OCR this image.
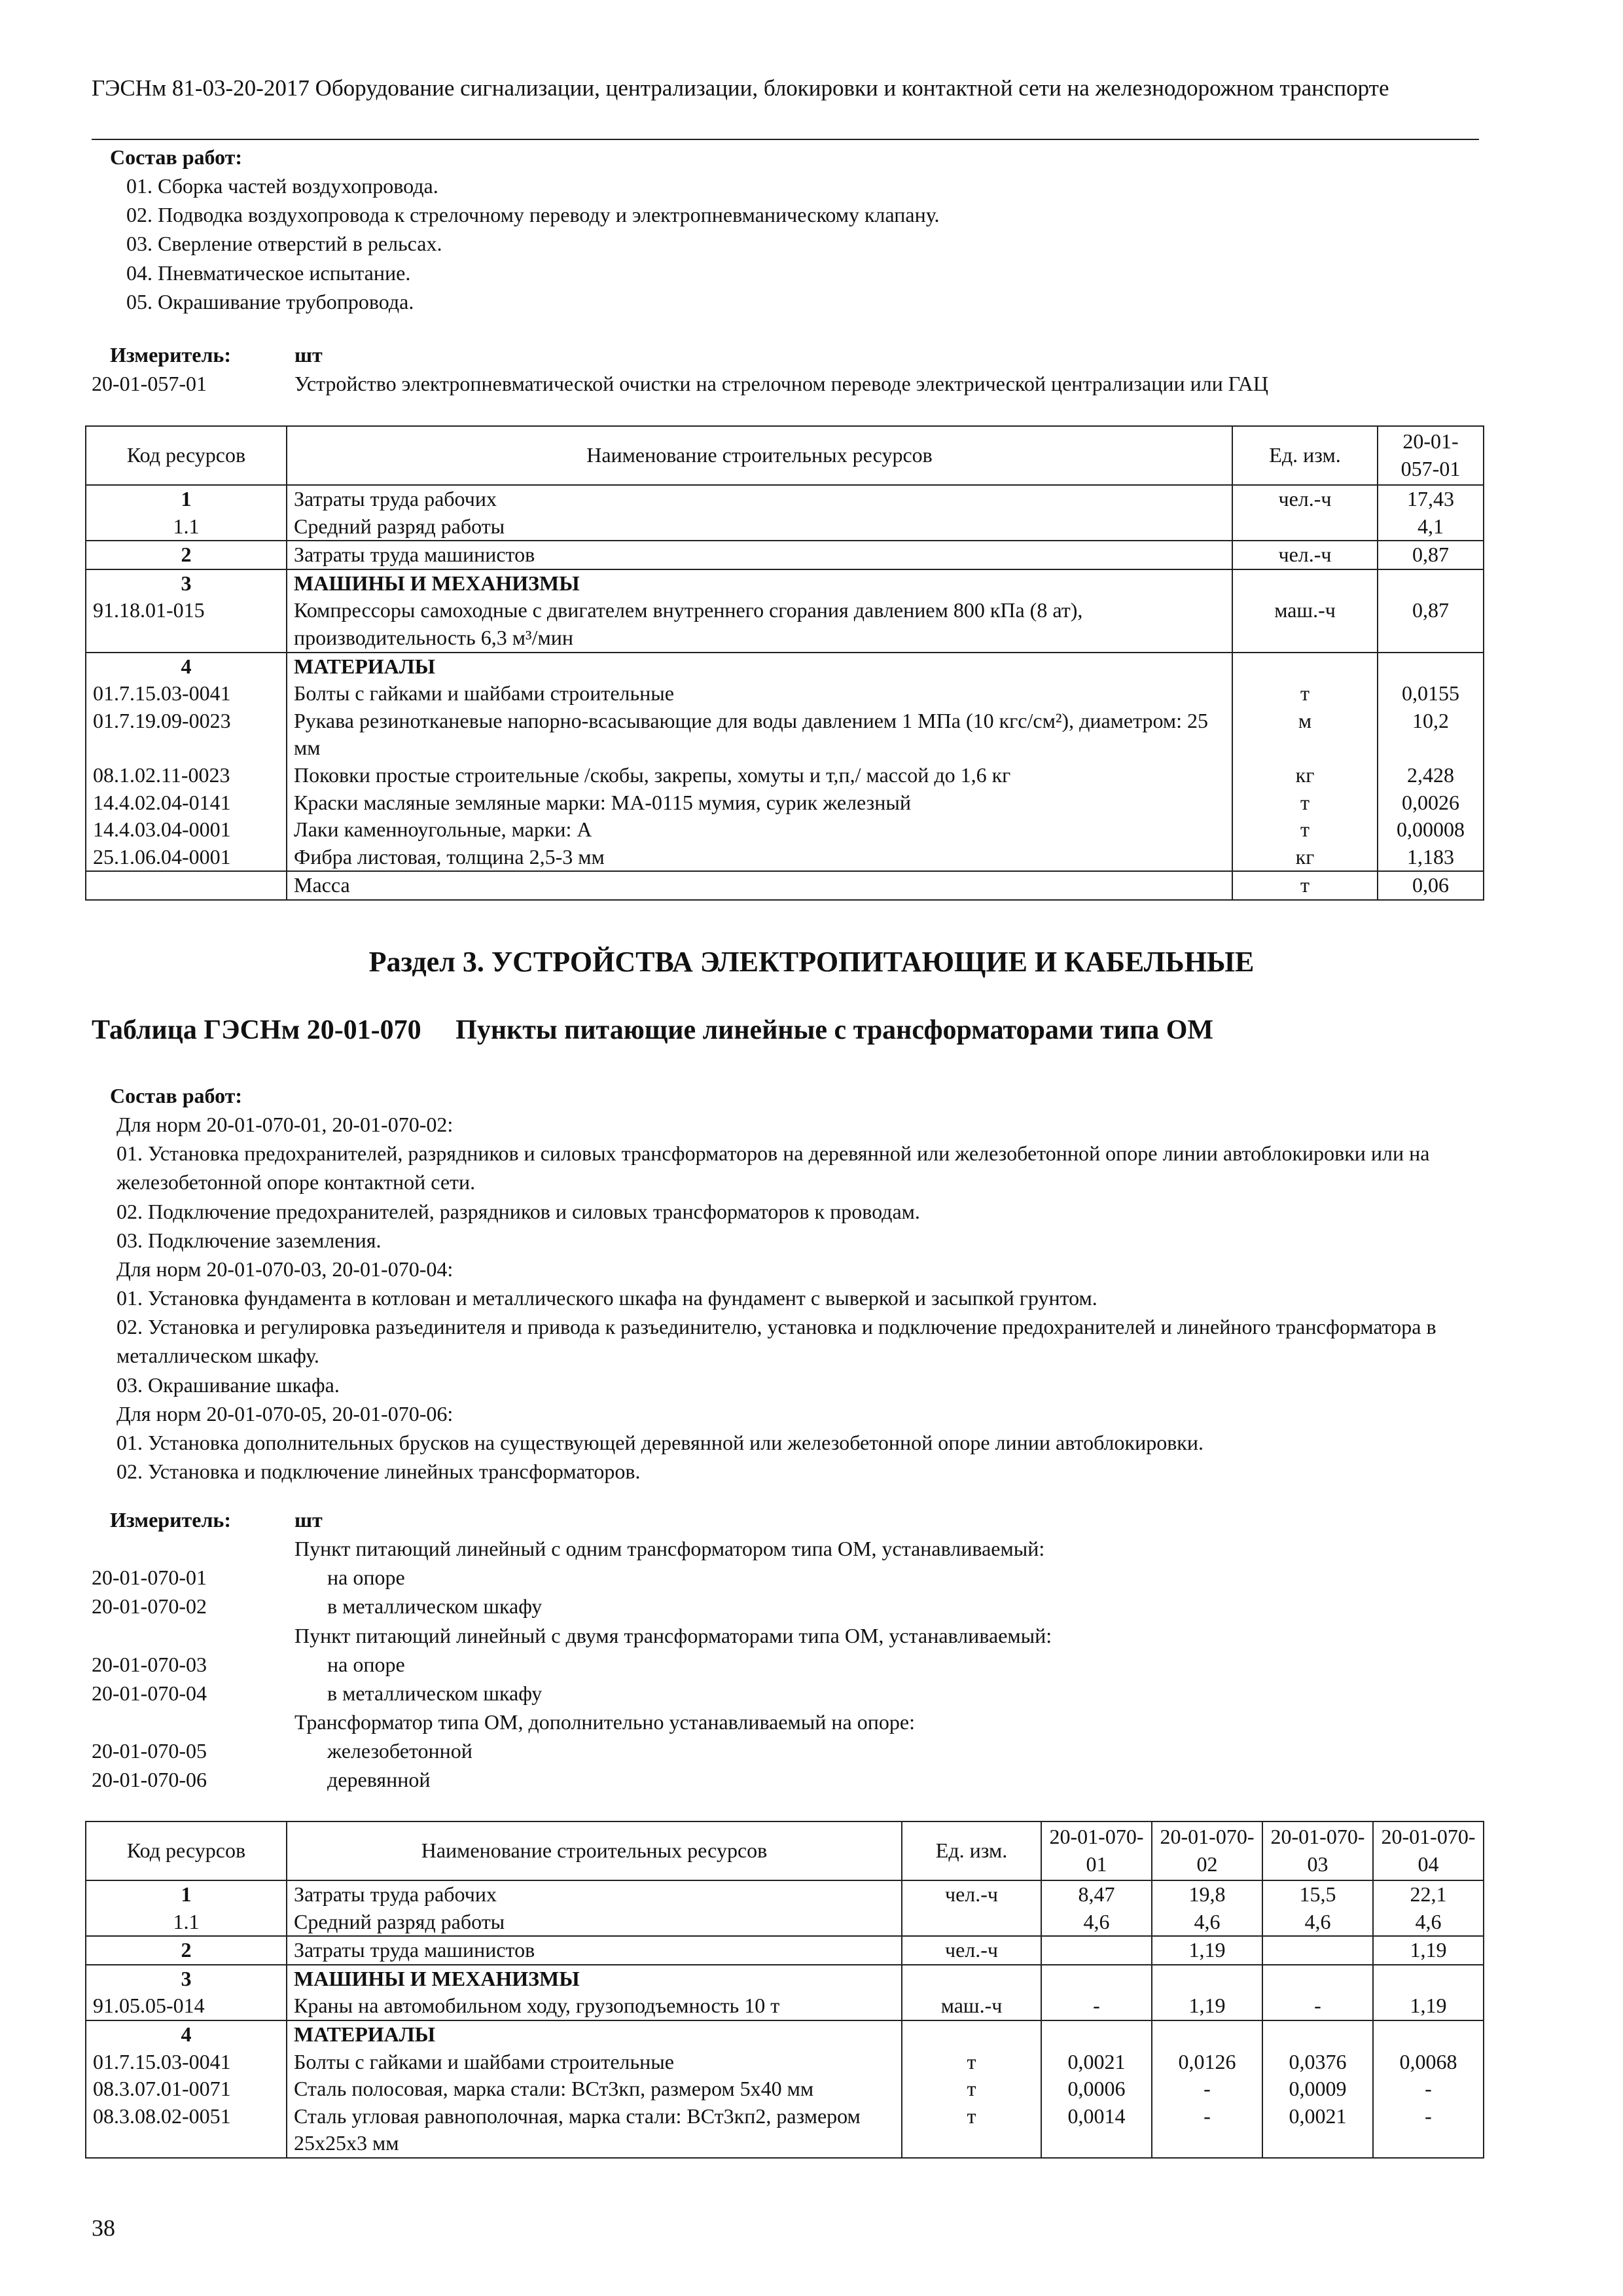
ГЭСНм 81-03-20-2017 Оборудование сигнализации, централизации, блокировки и контактной сети на железнодорожном транспорте
Состав работ:
01. Сборка частей воздухопровода.
02. Подводка воздухопровода к стрелочному переводу и электропневманическому клапану.
03. Сверление отверстий в рельсах.
04. Пневматическое испытание.
05. Окрашивание трубопровода.
Измеритель:	шт
20-01-057-01	Устройство электропневматической очистки на стрелочном переводе электрической централизации или ГАЦ
Код ресурсов	Наименование строительных ресурсов	Ед. изм.	20-01-057-01
1	Затраты труда рабочих	чел.-ч	17,43
1.1	Средний разряд работы		4,1
2	Затраты труда машинистов	чел.-ч	0,87
3	МАШИНЫ И МЕХАНИЗМЫ		
91.18.01-015	Компрессоры самоходные с двигателем внутреннего сгорания давлением 800 кПа (8 ат), производительность 6,3 м³/мин	маш.-ч	0,87
4	МАТЕРИАЛЫ		
01.7.15.03-0041	Болты с гайками и шайбами строительные	т	0,0155
01.7.19.09-0023	Рукава резинотканевые напорно-всасывающие для воды давлением 1 МПа (10 кгс/см²), диаметром: 25 мм	м	10,2
08.1.02.11-0023	Поковки простые строительные /скобы, закрепы, хомуты и т,п,/ массой до 1,6 кг	кг	2,428
14.4.02.04-0141	Краски масляные земляные марки: МА-0115 мумия, сурик железный	т	0,0026
14.4.03.04-0001	Лаки каменноугольные, марки: А	т	0,00008
25.1.06.04-0001	Фибра листовая, толщина 2,5-3 мм	кг	1,183
	Масса	т	0,06
Раздел 3. УСТРОЙСТВА ЭЛЕКТРОПИТАЮЩИЕ И КАБЕЛЬНЫЕ
Таблица ГЭСНм 20-01-070     Пункты питающие линейные с трансформаторами типа ОМ
Состав работ:
Для норм 20-01-070-01, 20-01-070-02:
01. Установка предохранителей, разрядников и силовых трансформаторов на деревянной или железобетонной опоре линии автоблокировки или на железобетонной опоре контактной сети.
02. Подключение предохранителей, разрядников и силовых трансформаторов к проводам.
03. Подключение заземления.
Для норм 20-01-070-03, 20-01-070-04:
01. Установка фундамента в котлован и металлического шкафа на фундамент с выверкой и засыпкой грунтом.
02. Установка и регулировка разъединителя и привода к разъединителю, установка и подключение предохранителей и линейного трансформатора в металлическом шкафу.
03. Окрашивание шкафа.
Для норм 20-01-070-05, 20-01-070-06:
01. Установка дополнительных брусков на существующей деревянной или железобетонной опоре линии автоблокировки.
02. Установка и подключение линейных трансформаторов.
Измеритель:	шт
Пункт питающий линейный с одним трансформатором типа ОМ, устанавливаемый:
20-01-070-01	на опоре
20-01-070-02	в металлическом шкафу
Пункт питающий линейный с двумя трансформаторами типа ОМ, устанавливаемый:
20-01-070-03	на опоре
20-01-070-04	в металлическом шкафу
Трансформатор типа ОМ, дополнительно устанавливаемый на опоре:
20-01-070-05	железобетонной
20-01-070-06	деревянной
Код ресурсов	Наименование строительных ресурсов	Ед. изм.	20-01-070-01	20-01-070-02	20-01-070-03	20-01-070-04
1	Затраты труда рабочих	чел.-ч	8,47	19,8	15,5	22,1
1.1	Средний разряд работы		4,6	4,6	4,6	4,6
2	Затраты труда машинистов	чел.-ч		1,19		1,19
3	МАШИНЫ И МЕХАНИЗМЫ					
91.05.05-014	Краны на автомобильном ходу, грузоподъемность 10 т	маш.-ч	-	1,19	-	1,19
4	МАТЕРИАЛЫ					
01.7.15.03-0041	Болты с гайками и шайбами строительные	т	0,0021	0,0126	0,0376	0,0068
08.3.07.01-0071	Сталь полосовая, марка стали: ВСт3кп, размером 5х40 мм	т	0,0006	-	0,0009	-
08.3.08.02-0051	Сталь угловая равнополочная, марка стали: ВСт3кп2, размером 25х25х3 мм	т	0,0014	-	0,0021	-
38
